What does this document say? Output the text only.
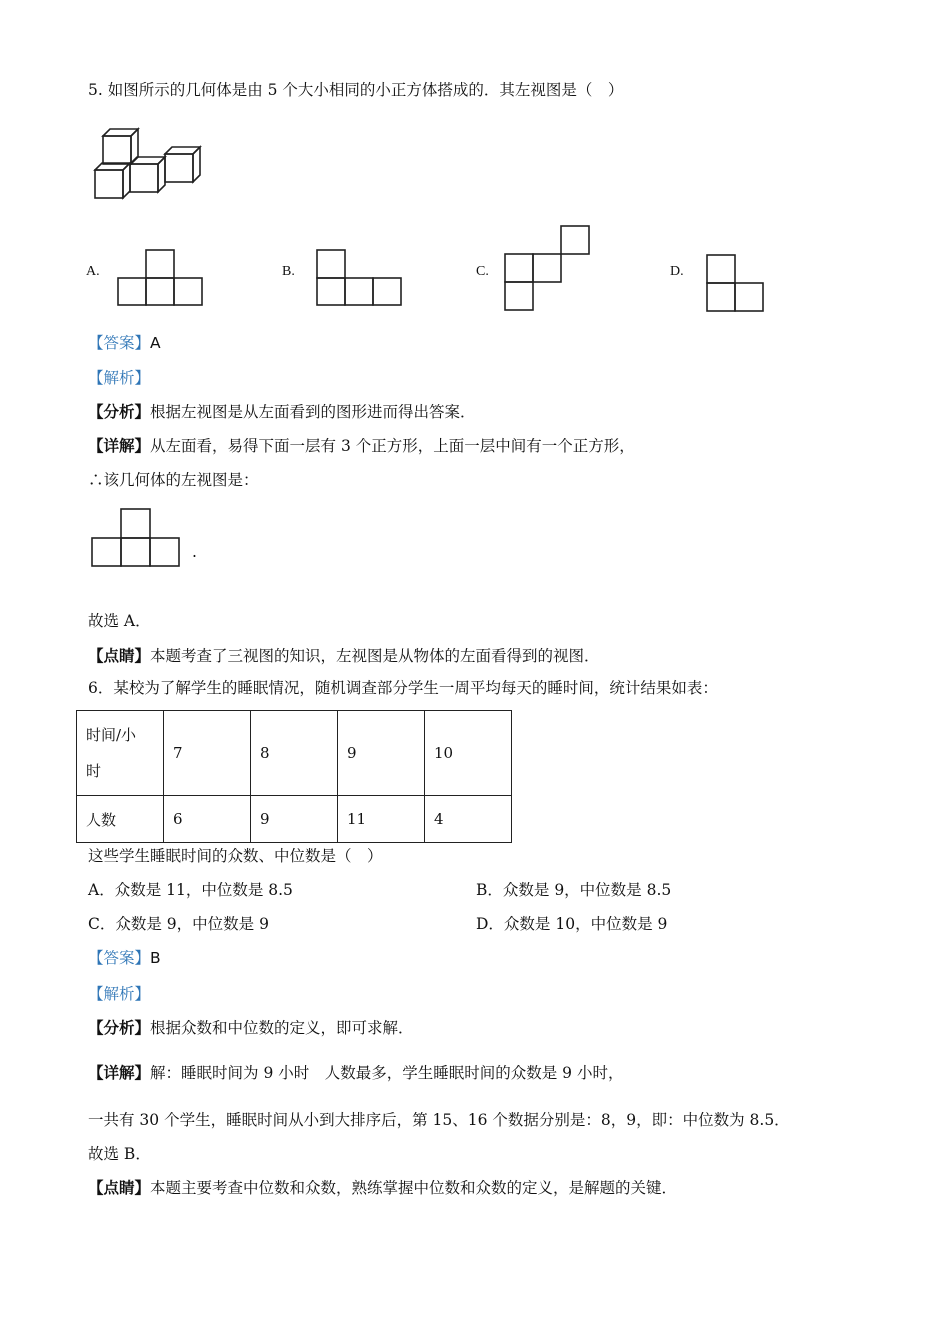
5. 如图所示的几何体是由 5 个大小相同的小正方体搭成的．其左视图是（　）
A.	B.	C.	D.
【答案】A
【解析】
【分析】根据左视图是从左面看到的图形进而得出答案．
【详解】从左面看，易得下面一层有 3 个正方形，上面一层中间有一个正方形，
∴该几何体的左视图是：
.
故选 A．
【点睛】本题考查了三视图的知识，左视图是从物体的左面看得到的视图．
6．某校为了解学生的睡眠情况，随机调查部分学生一周平均每天的睡时间，统计结果如表：
时间/小时	7	8	9	10
人数	6	9	11	4
这些学生睡眠时间的众数、中位数是（　）
A．众数是 11，中位数是 8.5	B．众数是 9，中位数是 8.5
C．众数是 9，中位数是 9	D．众数是 10，中位数是 9
【答案】B
【解析】
【分析】根据众数和中位数的定义，即可求解．
【详解】解：睡眠时间为 9 小时　人数最多，学生睡眠时间的众数是 9 小时，
一共有 30 个学生，睡眠时间从小到大排序后，第 15、16 个数据分别是：8，9，即：中位数为 8.5．
故选 B．
【点睛】本题主要考查中位数和众数，熟练掌握中位数和众数的定义，是解题的关键．
